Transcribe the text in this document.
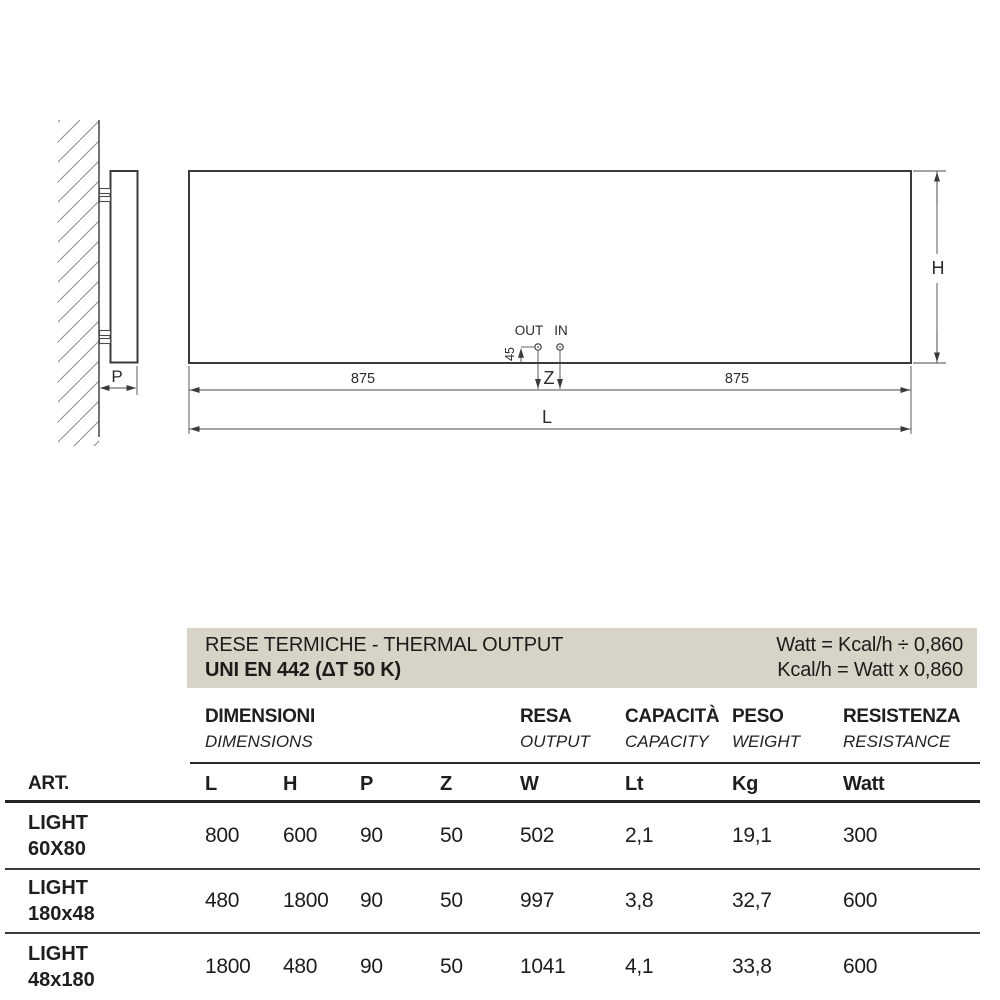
P
OUT IN
45
Z
H
875	875
L
RESE TERMICHE - THERMAL OUTPUT
UNI EN 442 (ΔT 50 K)
Watt = Kcal/h ÷ 0,860
Kcal/h = Watt x 0,860
DIMENSIONI
DIMENSIONS
RESA
OUTPUT
CAPACITÀ
CAPACITY
PESO
WEIGHT
RESISTENZA
RESISTANCE
ART.	L	H	P	Z	W	Lt	Kg	Watt
LIGHT
60X80
800	600	90	50	502	2,1	19,1	300
LIGHT
180x48
480	1800	90	50	997	3,8	32,7	600
LIGHT
48x180
1800	480	90	50	1041	4,1	33,8	600
